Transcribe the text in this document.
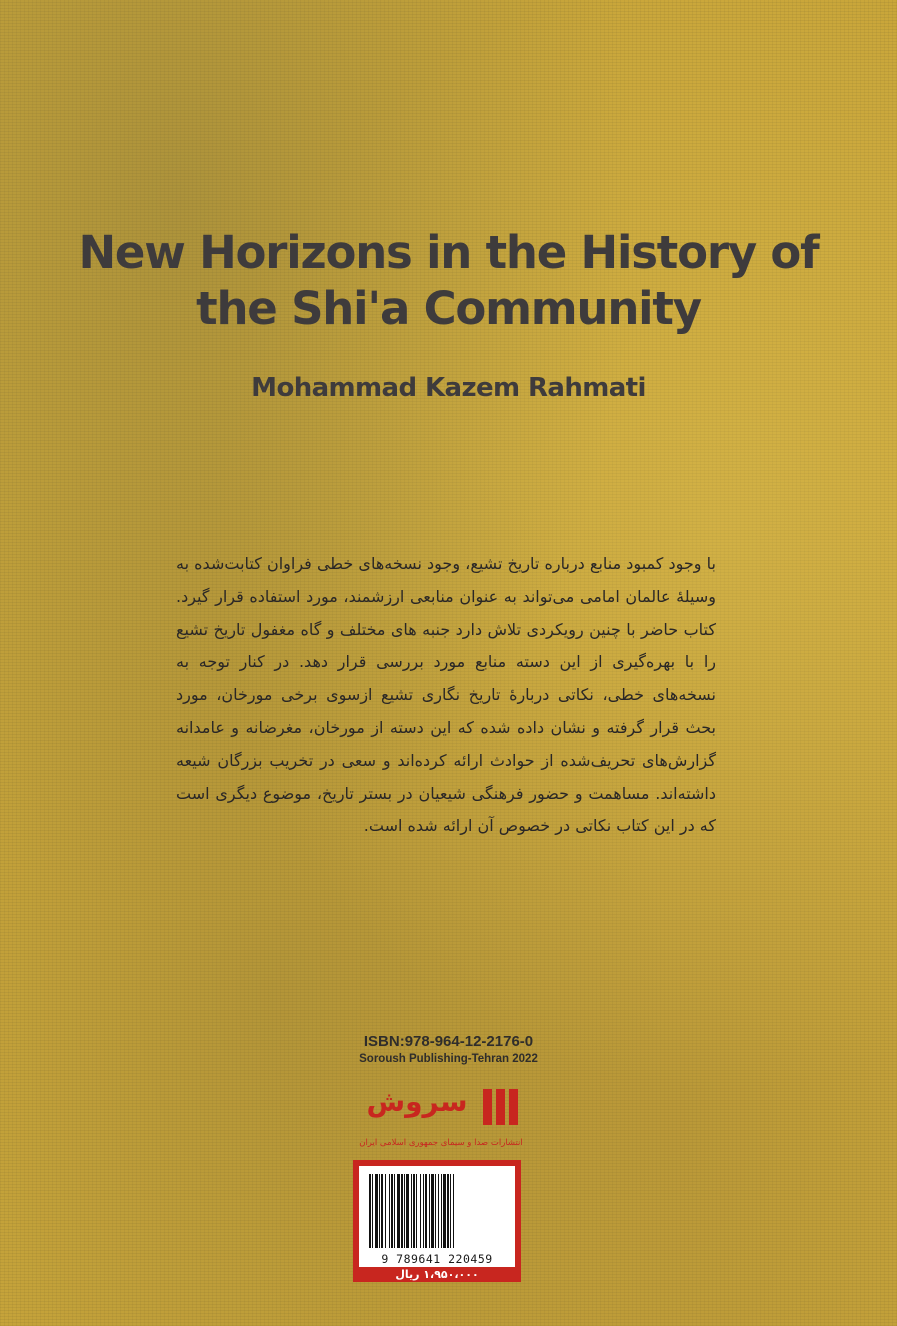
New Horizons in the History of
the Shi'a Community
Mohammad Kazem Rahmati

با وجود کمبود منابع درباره تاریخ تشیع، وجود نسخه‌های خطی فراوان کتابت‌شده به وسیلهٔ عالمان امامی می‌تواند به عنوان منابعی ارزشمند، مورد استفاده قرار گیرد. کتاب حاضر با چنین رویکردی تلاش دارد جنبه های مختلف و گاه مغفول تاریخ تشیع را با بهره‌گیری از این دسته منابع مورد بررسی قرار دهد. در کنار توجه به نسخه‌های خطی، نکاتی دربارهٔ تاریخ نگاری تشیع ازسوی برخی مورخان، مورد بحث قرار گرفته و نشان داده شده که این دسته از مورخان، مغرضانه و عامدانه گزارش‌های تحریف‌شده از حوادث ارائه کرده‌اند و سعی در تخریب بزرگان شیعه داشته‌اند. مساهمت و حضور فرهنگی شیعیان در بستر تاریخ، موضوع دیگری است که در این کتاب نکاتی در خصوص آن ارائه شده است.

ISBN:978-964-12-2176-0
Soroush Publishing-Tehran 2022
سروش
انتشارات صدا و سیمای جمهوری اسلامی ایران
9 789641 220459
۱،۹۵۰،۰۰۰ ریال
